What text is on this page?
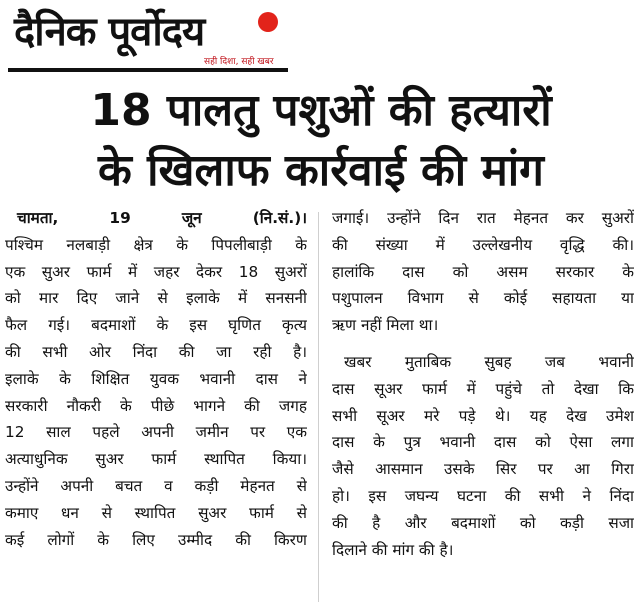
दैनिक पूर्वोदय
सही दिशा, सही खबर
18 पालतु पशुओं की हत्यारों
के खिलाफ कार्रवाई की मांग
चामता, 19 जून (नि.सं.)।
पश्चिम नलबाड़ी क्षेत्र के पिपलीबाड़ी के
एक सुअर फार्म में जहर देकर 18 सुअरों
को मार दिए जाने से इलाके में सनसनी
फैल गई। बदमाशों के इस घृणित कृत्य
की सभी ओर निंदा की जा रही है।
इलाके के शिक्षित युवक भवानी दास ने
सरकारी नौकरी के पीछे भागने की जगह
12 साल पहले अपनी जमीन पर एक
अत्याधुनिक सुअर फार्म स्थापित किया।
उन्होंने अपनी बचत व कड़ी मेहनत से
कमाए धन से स्थापित सुअर फार्म से
कई लोगों के लिए उम्मीद की किरण
जगाई। उन्होंने दिन रात मेहनत कर सुअरों
की संख्या में उल्लेखनीय वृद्धि की।
हालांकि दास को असम सरकार के
पशुपालन विभाग से कोई सहायता या
ऋण नहीं मिला था।
खबर मुताबिक सुबह जब भवानी
दास सूअर फार्म में पहुंचे तो देखा कि
सभी सूअर मरे पड़े थे। यह देख उमेश
दास के पुत्र भवानी दास को ऐसा लगा
जैसे आसमान उसके सिर पर आ गिरा
हो। इस जघन्य घटना की सभी ने निंदा
की है और बदमाशों को कड़ी सजा
दिलाने की मांग की है।
